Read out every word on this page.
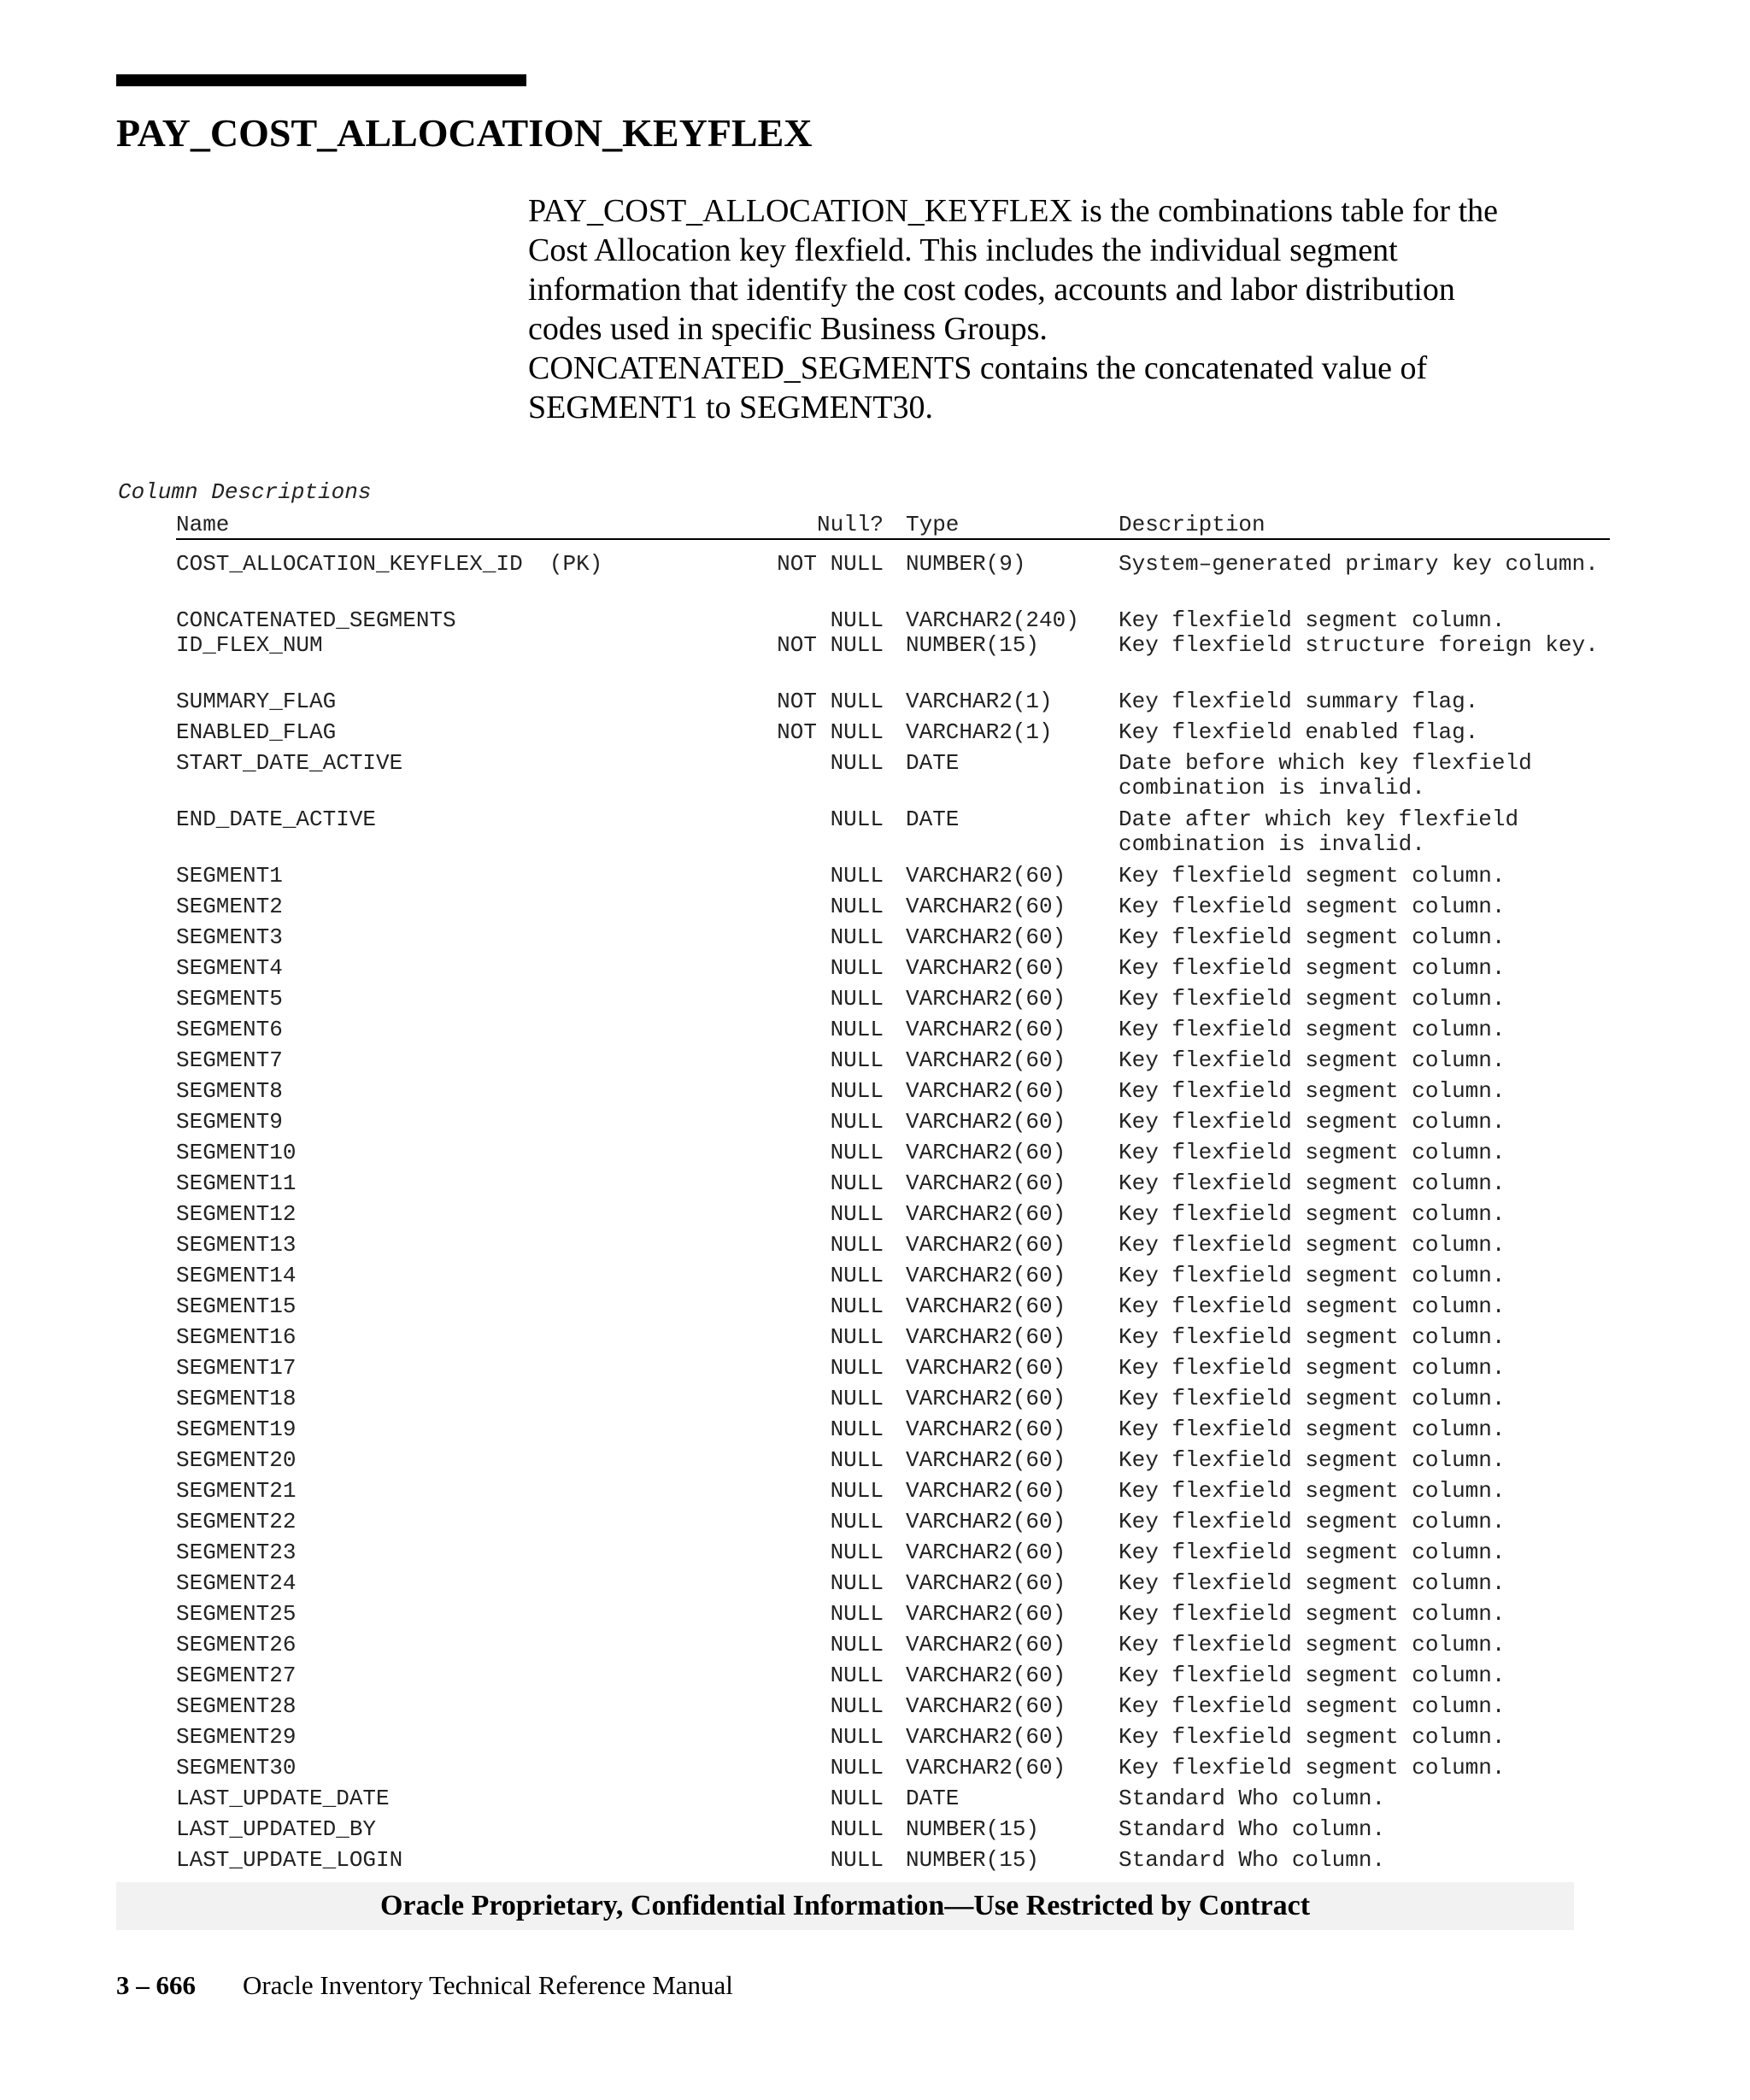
PAY_COST_ALLOCATION_KEYFLEX

PAY_COST_ALLOCATION_KEYFLEX is the combinations table for the
Cost Allocation key flexfield. This includes the individual segment
information that identify the cost codes, accounts and labor distribution
codes used in specific Business Groups.
CONCATENATED_SEGMENTS contains the concatenated value of
SEGMENT1 to SEGMENT30.

Column Descriptions
Name	Null? Type	Description
COST_ALLOCATION_KEYFLEX_ID  (PK)	NOT NULL NUMBER(9)	System–generated primary key column.
CONCATENATED_SEGMENTS	NULL VARCHAR2(240) Key flexfield segment column.
ID_FLEX_NUM	NOT NULL NUMBER(15)	Key flexfield structure foreign key.
SUMMARY_FLAG	NOT NULL VARCHAR2(1)	Key flexfield summary flag.
ENABLED_FLAG	NOT NULL VARCHAR2(1)	Key flexfield enabled flag.
START_DATE_ACTIVE	NULL DATE	Date before which key flexfield combination is invalid.
END_DATE_ACTIVE	NULL DATE	Date after which key flexfield combination is invalid.
SEGMENT1	NULL VARCHAR2(60) Key flexfield segment column.
SEGMENT2	NULL VARCHAR2(60) Key flexfield segment column.
SEGMENT3	NULL VARCHAR2(60) Key flexfield segment column.
SEGMENT4	NULL VARCHAR2(60) Key flexfield segment column.
SEGMENT5	NULL VARCHAR2(60) Key flexfield segment column.
SEGMENT6	NULL VARCHAR2(60) Key flexfield segment column.
SEGMENT7	NULL VARCHAR2(60) Key flexfield segment column.
SEGMENT8	NULL VARCHAR2(60) Key flexfield segment column.
SEGMENT9	NULL VARCHAR2(60) Key flexfield segment column.
SEGMENT10	NULL VARCHAR2(60) Key flexfield segment column.
SEGMENT11	NULL VARCHAR2(60) Key flexfield segment column.
SEGMENT12	NULL VARCHAR2(60) Key flexfield segment column.
SEGMENT13	NULL VARCHAR2(60) Key flexfield segment column.
SEGMENT14	NULL VARCHAR2(60) Key flexfield segment column.
SEGMENT15	NULL VARCHAR2(60) Key flexfield segment column.
SEGMENT16	NULL VARCHAR2(60) Key flexfield segment column.
SEGMENT17	NULL VARCHAR2(60) Key flexfield segment column.
SEGMENT18	NULL VARCHAR2(60) Key flexfield segment column.
SEGMENT19	NULL VARCHAR2(60) Key flexfield segment column.
SEGMENT20	NULL VARCHAR2(60) Key flexfield segment column.
SEGMENT21	NULL VARCHAR2(60) Key flexfield segment column.
SEGMENT22	NULL VARCHAR2(60) Key flexfield segment column.
SEGMENT23	NULL VARCHAR2(60) Key flexfield segment column.
SEGMENT24	NULL VARCHAR2(60) Key flexfield segment column.
SEGMENT25	NULL VARCHAR2(60) Key flexfield segment column.
SEGMENT26	NULL VARCHAR2(60) Key flexfield segment column.
SEGMENT27	NULL VARCHAR2(60) Key flexfield segment column.
SEGMENT28	NULL VARCHAR2(60) Key flexfield segment column.
SEGMENT29	NULL VARCHAR2(60) Key flexfield segment column.
SEGMENT30	NULL VARCHAR2(60) Key flexfield segment column.
LAST_UPDATE_DATE	NULL DATE	Standard Who column.
LAST_UPDATED_BY	NULL NUMBER(15)	Standard Who column.
LAST_UPDATE_LOGIN	NULL NUMBER(15)	Standard Who column.
Oracle Proprietary, Confidential Information––Use Restricted by Contract
3 – 666 Oracle Inventory Technical Reference Manual
